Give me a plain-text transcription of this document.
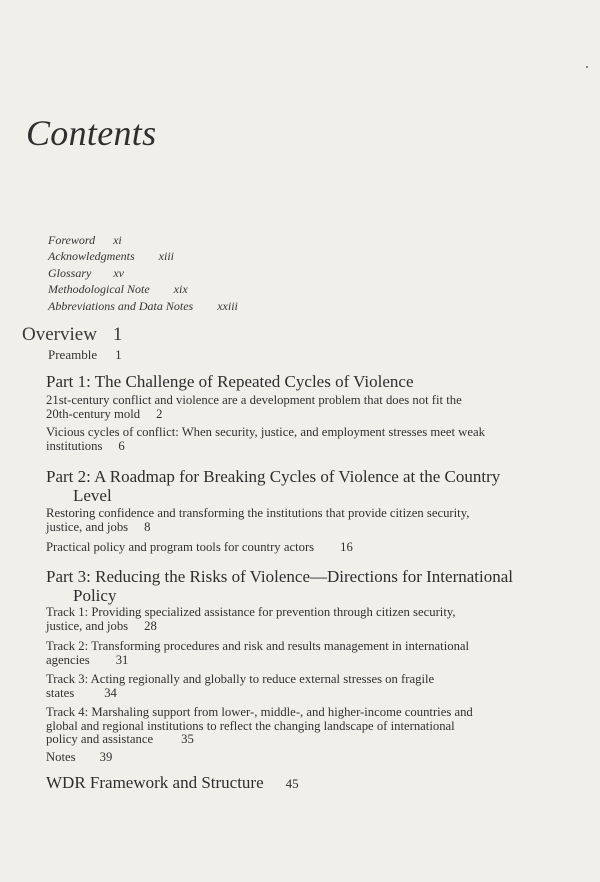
Contents
Foreword xi
Acknowledgments xiii
Glossary xv
Methodological Note xix
Abbreviations and Data Notes xxiii
Overview 1
Preamble 1
Part 1: The Challenge of Repeated Cycles of Violence
21st-century conflict and violence are a development problem that does not fit the 20th-century mold 2
Vicious cycles of conflict: When security, justice, and employment stresses meet weak institutions 6
Part 2: A Roadmap for Breaking Cycles of Violence at the Country Level
Restoring confidence and transforming the institutions that provide citizen security, justice, and jobs 8
Practical policy and program tools for country actors 16
Part 3: Reducing the Risks of Violence—Directions for International Policy
Track 1: Providing specialized assistance for prevention through citizen security, justice, and jobs 28
Track 2: Transforming procedures and risk and results management in international agencies 31
Track 3: Acting regionally and globally to reduce external stresses on fragile states 34
Track 4: Marshaling support from lower-, middle-, and higher-income countries and global and regional institutions to reflect the changing landscape of international policy and assistance 35
Notes 39
WDR Framework and Structure 45
